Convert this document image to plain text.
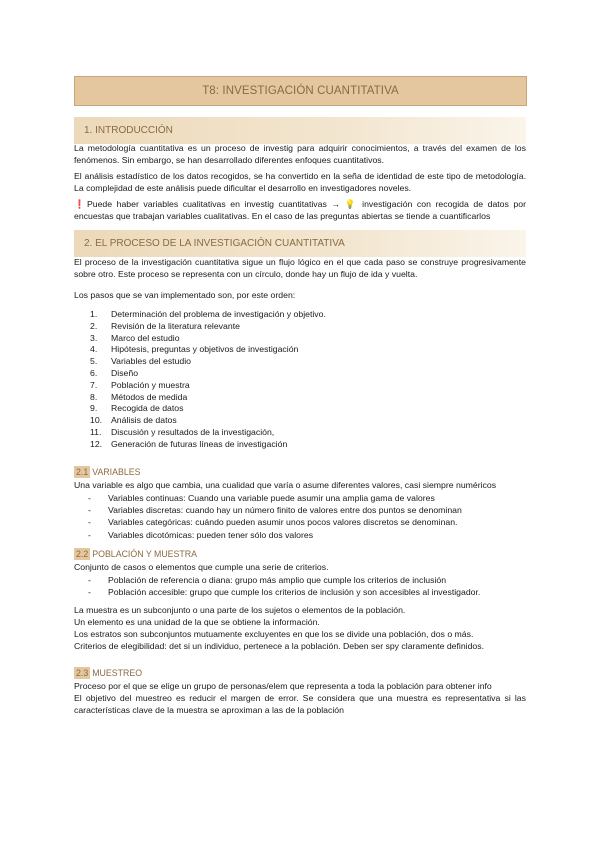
T8: INVESTIGACIÓN CUANTITATIVA
1. INTRODUCCIÓN

La metodología cuantitativa es un proceso de investig para adquirir conocimientos, a través del examen de los fenómenos. Sin embargo, se han desarrollado diferentes enfoques cuantitativos.

El análisis estadístico de los datos recogidos, se ha convertido en la seña de identidad de este tipo de metodología. La complejidad de este análisis puede dificultar el desarrollo en investigadores noveles.

❗Puede haber variables cualitativas en investig cuantitativas → 💡 investigación con recogida de datos por encuestas que trabajan variables cualitativas. En el caso de las preguntas abiertas se tiende a cuantificarlos

2. EL PROCESO DE LA INVESTIGACIÓN CUANTITATIVA

El proceso de la investigación cuantitativa sigue un flujo lógico en el que cada paso se construye progresivamente sobre otro. Este proceso se representa con un círculo, donde hay un flujo de ida y vuelta.

Los pasos que se van implementado son, por este orden:

1.	Determinación del problema de investigación y objetivo.
2.	Revisión de la literatura relevante
3.	Marco del estudio
4.	Hipótesis, preguntas y objetivos de investigación
5.	Variables del estudio
6.	Diseño
7.	Población y muestra
8.	Métodos de medida
9.	Recogida de datos
10.	Análisis de datos
11.	Discusión y resultados de la investigación,
12.	Generación de futuras líneas de investigación
2.1 VARIABLES

Una variable es algo que cambia, una cualidad que varía o asume diferentes valores, casi siempre numéricos

-	Variables continuas: Cuando una variable puede asumir una amplia gama de valores
-	Variables discretas: cuando hay un número finito de valores entre dos puntos se denominan
-	Variables categóricas: cuándo pueden asumir unos pocos valores discretos se denominan.
-	Variables dicotómicas: pueden tener sólo dos valores
2.2 POBLACIÓN Y MUESTRA

Conjunto de casos o elementos que cumple una serie de criterios.

-	Población de referencia o diana: grupo más amplio que cumple los criterios de inclusión
-	Población accesible: grupo que cumple los criterios de inclusión y son accesibles al investigador.

La muestra es un subconjunto o una parte de los sujetos o elementos de la población.

Un elemento es una unidad de la que se obtiene la información.

Los estratos son subconjuntos mutuamente excluyentes en que los se divide una población, dos o más.

Criterios de elegibilidad: det si un individuo, pertenece a la población. Deben ser spy claramente definidos.

2.3 MUESTREO

Proceso por el que se elige un grupo de personas/elem que representa a toda la población para obtener info

El objetivo del muestreo es reducir el margen de error. Se considera que una muestra es representativa si las características clave de la muestra se aproximan a las de la población
